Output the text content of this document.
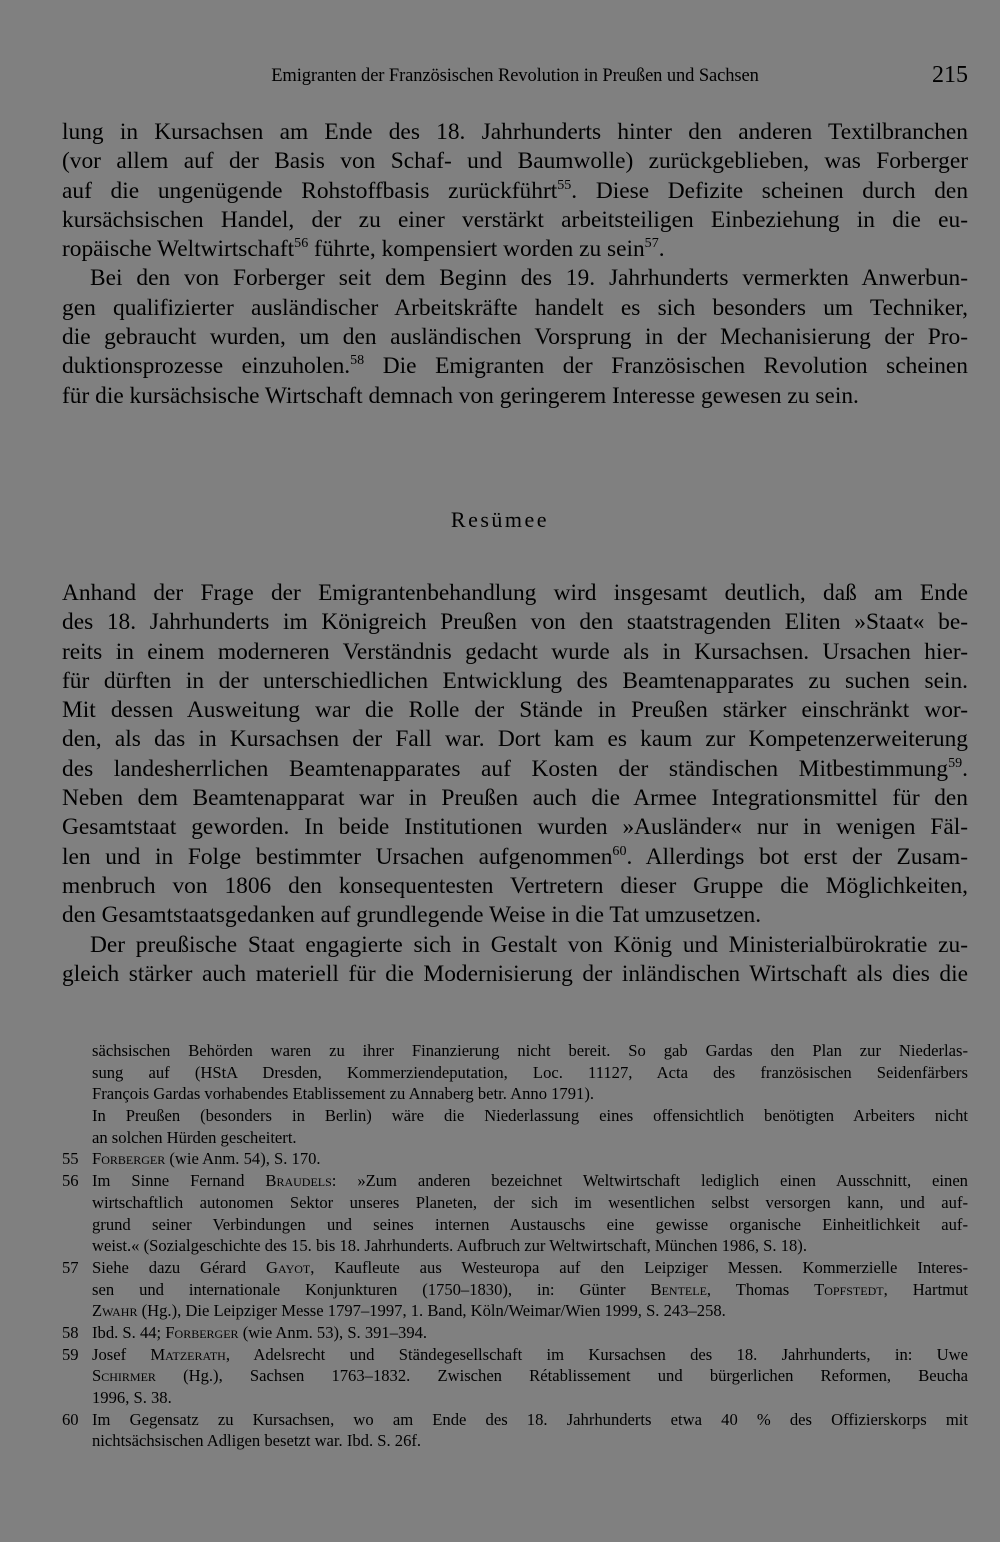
Emigranten der Französischen Revolution in Preußen und Sachsen	215
lung in Kursachsen am Ende des 18. Jahrhunderts hinter den anderen Textilbranchen
(vor allem auf der Basis von Schaf- und Baumwolle) zurückgeblieben, was Forberger
auf die ungenügende Rohstoffbasis zurückführt$^{55}$. Diese Defizite scheinen durch den
kursächsischen Handel, der zu einer verstärkt arbeitsteiligen Einbeziehung in die eu-
ropäische Weltwirtschaft$^{56}$ führte, kompensiert worden zu sein$^{57}$.
Bei den von Forberger seit dem Beginn des 19. Jahrhunderts vermerkten Anwerbun-
gen qualifizierter ausländischer Arbeitskräfte handelt es sich besonders um Techniker,
die gebraucht wurden, um den ausländischen Vorsprung in der Mechanisierung der Pro-
duktionsprozesse einzuholen.$^{58}$ Die Emigranten der Französischen Revolution scheinen
für die kursächsische Wirtschaft demnach von geringerem Interesse gewesen zu sein.
Resümee
Anhand der Frage der Emigrantenbehandlung wird insgesamt deutlich, daß am Ende
des 18. Jahrhunderts im Königreich Preußen von den staatstragenden Eliten »Staat« be-
reits in einem moderneren Verständnis gedacht wurde als in Kursachsen. Ursachen hier-
für dürften in der unterschiedlichen Entwicklung des Beamtenapparates zu suchen sein.
Mit dessen Ausweitung war die Rolle der Stände in Preußen stärker einschränkt wor-
den, als das in Kursachsen der Fall war. Dort kam es kaum zur Kompetenzerweiterung
des landesherrlichen Beamtenapparates auf Kosten der ständischen Mitbestimmung$^{59}$.
Neben dem Beamtenapparat war in Preußen auch die Armee Integrationsmittel für den
Gesamtstaat geworden. In beide Institutionen wurden »Ausländer« nur in wenigen Fäl-
len und in Folge bestimmter Ursachen aufgenommen$^{60}$. Allerdings bot erst der Zusam-
menbruch von 1806 den konsequentesten Vertretern dieser Gruppe die Möglichkeiten,
den Gesamtstaatsgedanken auf grundlegende Weise in die Tat umzusetzen.
Der preußische Staat engagierte sich in Gestalt von König und Ministerialbürokratie zu-
gleich stärker auch materiell für die Modernisierung der inländischen Wirtschaft als dies die
sächsischen Behörden waren zu ihrer Finanzierung nicht bereit. So gab Gardas den Plan zur Niederlas-
sung auf (HStA Dresden, Kommerziendeputation, Loc. 11127, Acta des französischen Seidenfärbers
François Gardas vorhabendes Etablissement zu Annaberg betr. Anno 1791).
In Preußen (besonders in Berlin) wäre die Niederlassung eines offensichtlich benötigten Arbeiters nicht
an solchen Hürden gescheitert.
55 Forberger (wie Anm. 54), S. 170.
56 Im Sinne Fernand Braudels: »Zum anderen bezeichnet Weltwirtschaft lediglich einen Ausschnitt, einen
wirtschaftlich autonomen Sektor unseres Planeten, der sich im wesentlichen selbst versorgen kann, und auf-
grund seiner Verbindungen und seines internen Austauschs eine gewisse organische Einheitlichkeit auf-
weist.« (Sozialgeschichte des 15. bis 18. Jahrhunderts. Aufbruch zur Weltwirtschaft, München 1986, S. 18).
57 Siehe dazu Gérard Gayot, Kaufleute aus Westeuropa auf den Leipziger Messen. Kommerzielle Interes-
sen und internationale Konjunkturen (1750–1830), in: Günter Bentele, Thomas Topfstedt, Hartmut
Zwahr (Hg.), Die Leipziger Messe 1797–1997, 1. Band, Köln/Weimar/Wien 1999, S. 243–258.
58 Ibd. S. 44; Forberger (wie Anm. 53), S. 391–394.
59 Josef Matzerath, Adelsrecht und Ständegesellschaft im Kursachsen des 18. Jahrhunderts, in: Uwe
Schirmer (Hg.), Sachsen 1763–1832. Zwischen Rétablissement und bürgerlichen Reformen, Beucha
1996, S. 38.
60 Im Gegensatz zu Kursachsen, wo am Ende des 18. Jahrhunderts etwa 40 % des Offizierskorps mit
nichtsächsischen Adligen besetzt war. Ibd. S. 26f.
